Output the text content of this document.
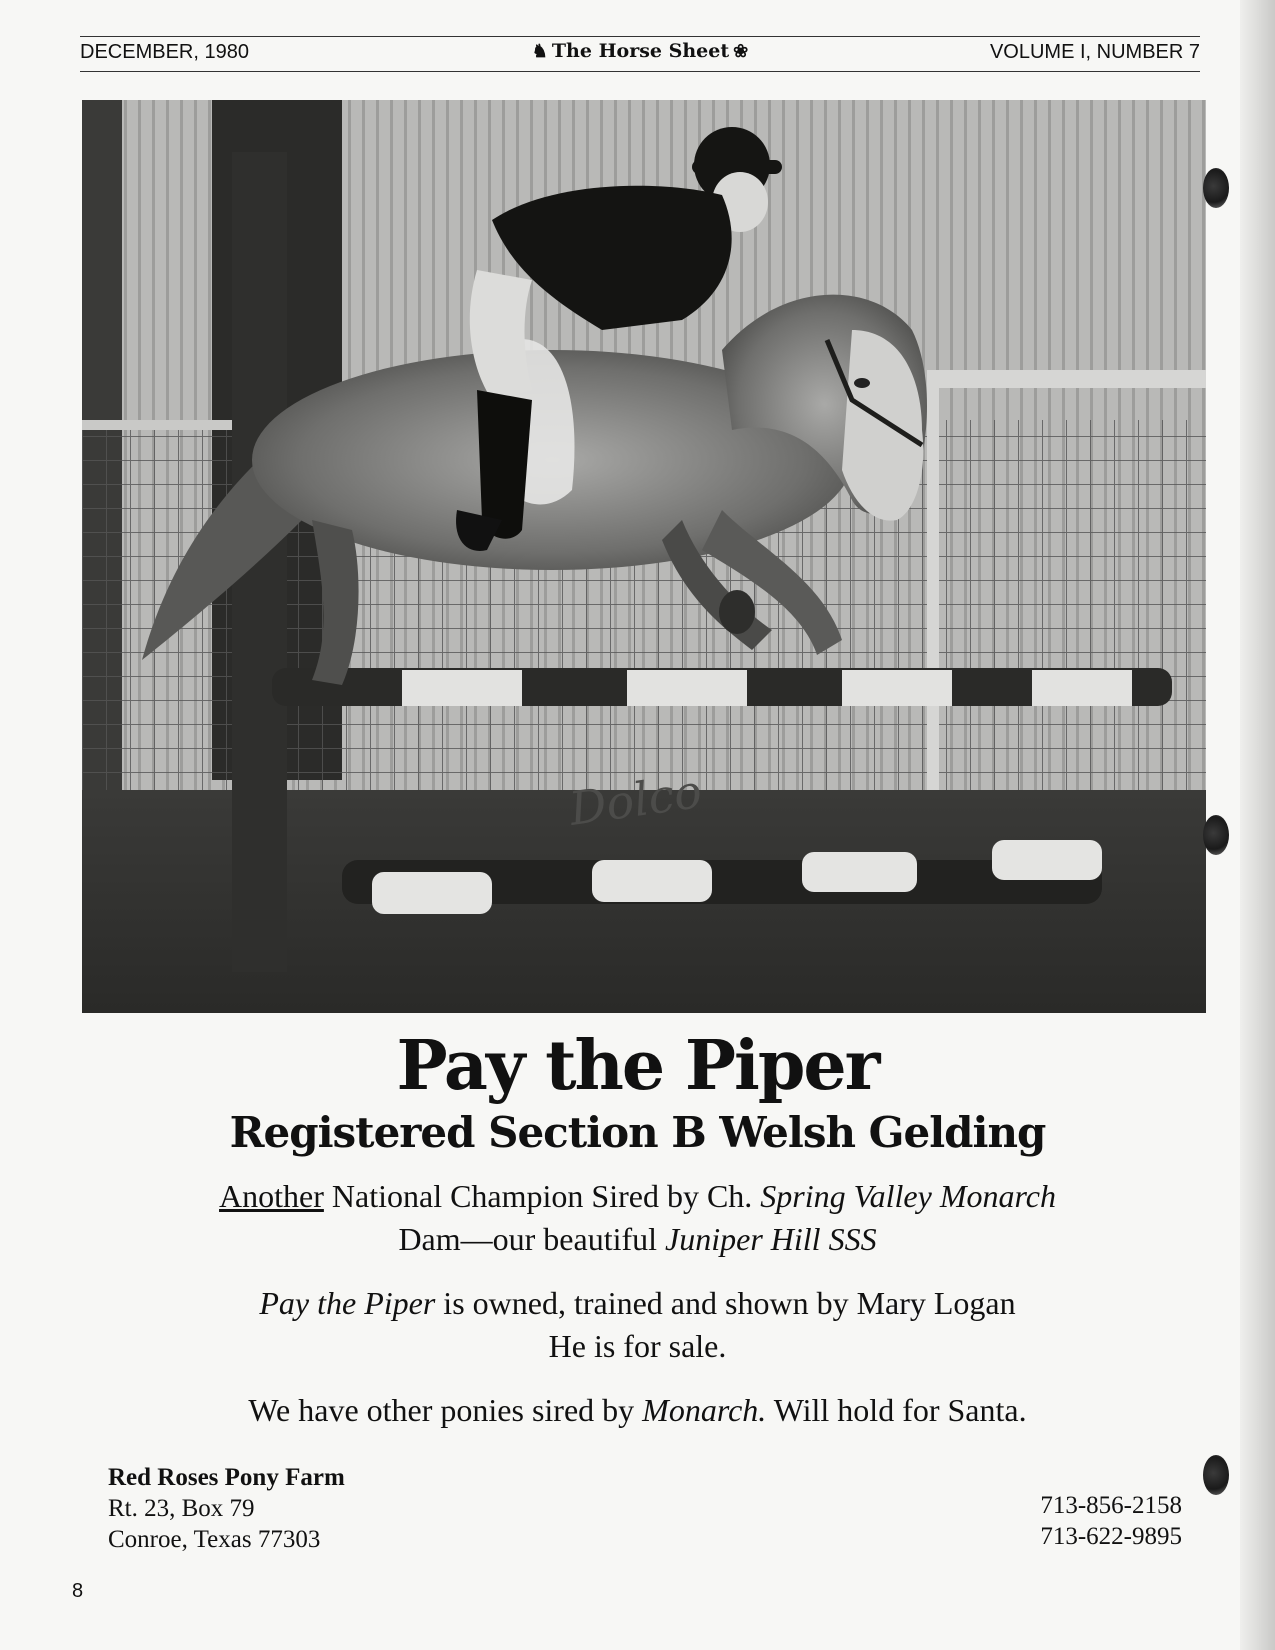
DECEMBER, 1980	♞ The Horse Sheet ❀	VOLUME I, NUMBER 7
Dolco
Pay the Piper
Registered Section B Welsh Gelding
Another National Champion Sired by Ch. Spring Valley Monarch
Dam—our beautiful Juniper Hill SSS
Pay the Piper is owned, trained and shown by Mary Logan
He is for sale.
We have other ponies sired by Monarch. Will hold for Santa.
Red Roses Pony Farm
Rt. 23, Box 79
Conroe, Texas 77303
713-856-2158
713-622-9895
8
